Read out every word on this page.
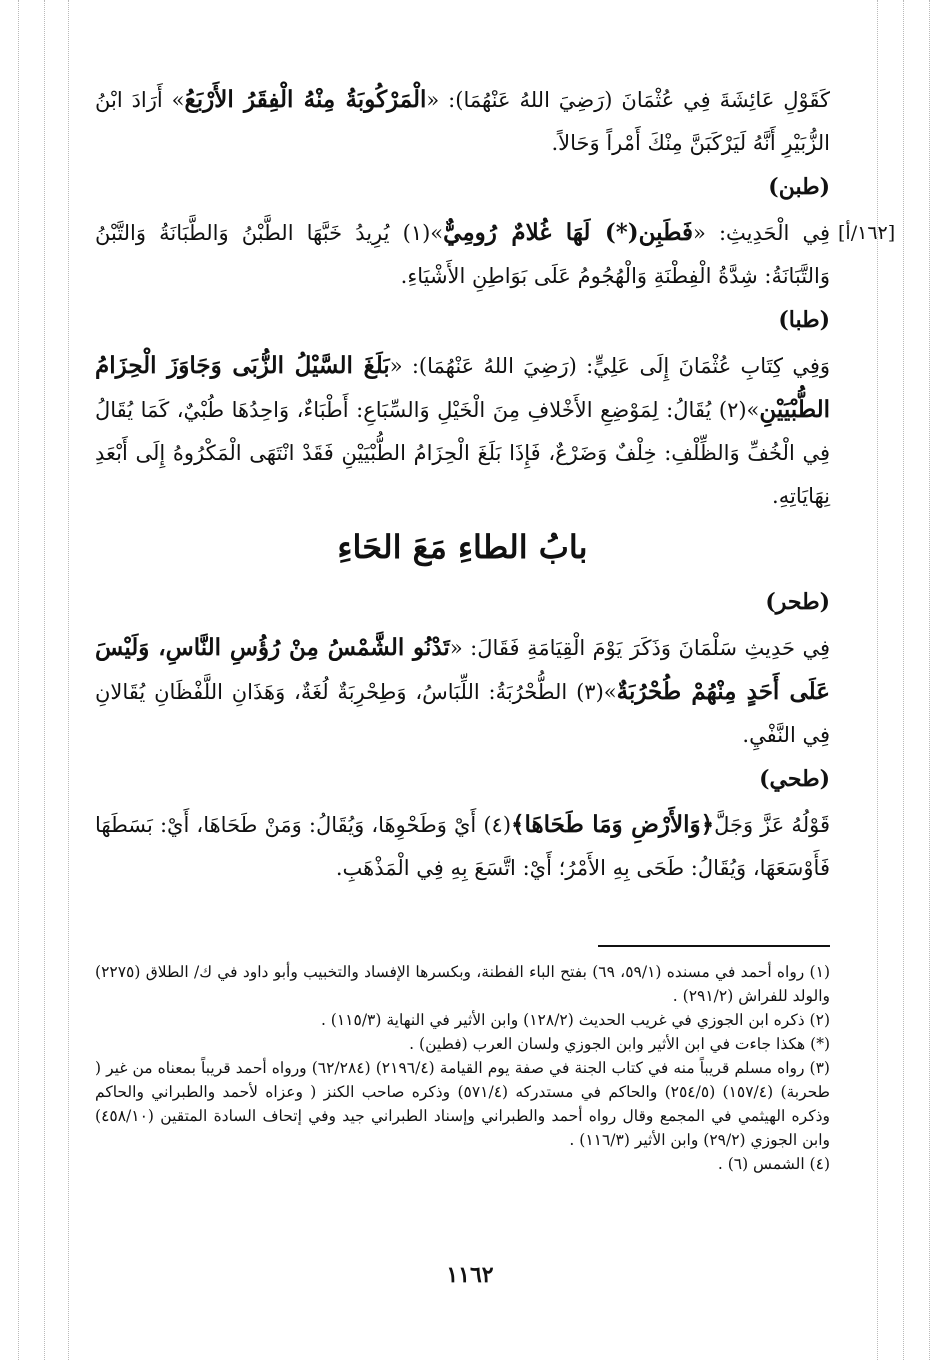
[١٦٢/أ]

كَقَوْلِ عَائِشَةَ فِي عُثْمَانَ (رَضِيَ اللهُ عَنْهُمَا): «الْمَرْكُوبَةُ مِنْهُ الْفِقَرُ الأَرْبَعُ» أَرَادَ ابْنُ الزُّبَيْرِ أَنَّهُ لَيَرْكَبَنَّ مِنْكَ أَمْراً وَحَالاً.

(طبن)

فِي الْحَدِيثِ: «فَطَبِن(*) لَهَا غُلامٌ رُومِيٌّ»(١) يُرِيدُ خَبَّهَا الطَّبْنُ وَالطَّبَانَةُ وَالتَّبْنُ وَالتَّبَانَةُ: شِدَّةُ الْفِطْنَةِ وَالْهُجُومُ عَلَى بَوَاطِنِ الأَشْيَاءِ.

(طبا)

وَفِي كِتَابِ عُثْمَانَ إِلَى عَلِيٍّ: (رَضِيَ اللهُ عَنْهُمَا): «بَلَغَ السَّيْلُ الزُّبَى وَجَاوَزَ الْحِزَامُ الطُّبْيَيْنِ»(٢) يُقَالُ: لِمَوْضِعِ الأَخْلافِ مِنَ الْخَيْلِ وَالسِّبَاعِ: أَطْبَاءٌ، وَاحِدُهَا طُبْيٌ، كَمَا يُقَالُ فِي الْخُفِّ وَالظِّلْفِ: خِلْفٌ وَضَرْعٌ، فَإِذَا بَلَغَ الْحِزَامُ الطُّبْيَيْنِ فَقَدْ انْتَهَى الْمَكْرُوهُ إِلَى أَبْعَدِ نِهَايَاتِهِ.

بابُ الطاءِ مَعَ الحَاءِ
(طحر)

فِي حَدِيثِ سَلْمَانَ وَذَكَرَ يَوْمَ الْقِيَامَةِ فَقَالَ: «تَدْنُو الشَّمْسُ مِنْ رُؤُسِ النَّاسِ، وَلَيْسَ عَلَى أَحَدٍ مِنْهُمْ طُحْرُبَةٌ»(٣) الطُّحْرُبَةُ: اللِّبَاسُ، وَطِحْرِبَةٌ لُغَةٌ، وَهَذَانِ اللَّفْظَانِ يُقَالانِ فِي النَّفْيِ.

(طحي)

قَوْلُهُ عَزَّ وَجَلَّ﴿وَالأَرْضِ وَمَا طَحَاهَا﴾(٤) أَيْ وَطَحْوِهَا، وَيُقَالُ: وَمَنْ طَحَاهَا، أَيْ: بَسَطَهَا فَأَوْسَعَهَا، وَيُقَالُ: طَحَى بِهِ الأَمْرُ؛ أَيْ: اتَّسَعَ بِهِ فِي الْمَذْهَبِ.

(١) رواه أحمد في مسنده (٥٩/١، ٦٩) بفتح الباء الفطنة، وبكسرها الإفساد والتخبيب وأبو داود في ك/ الطلاق (٢٢٧٥) والولد للفراش (٢٩١/٢) .

(٢) ذكره ابن الجوزي في غريب الحديث (١٢٨/٢) وابن الأثير في النهاية (١١٥/٣) .

(*) هكذا جاءت في ابن الأثير وابن الجوزي ولسان العرب (فطين) .

(٣) رواه مسلم قريباً منه في كتاب الجنة في صفة يوم القيامة (٢١٩٦/٤) (٦٢/٢٨٤) ورواه أحمد قريباً بمعناه من غير ( طحربة) (١٥٧/٤) (٢٥٤/٥) والحاكم في مستدركه (٥٧١/٤) وذكره صاحب الكنز ( وعزاه لأحمد والطبراني والحاكم وذكره الهيثمي في المجمع وقال رواه أحمد والطبراني وإسناد الطبراني جيد وفي إتحاف السادة المتقين (٤٥٨/١٠) وابن الجوزي (٢٩/٢) وابن الأثير (١١٦/٣) .

(٤) الشمس (٦) .

١١٦٢
